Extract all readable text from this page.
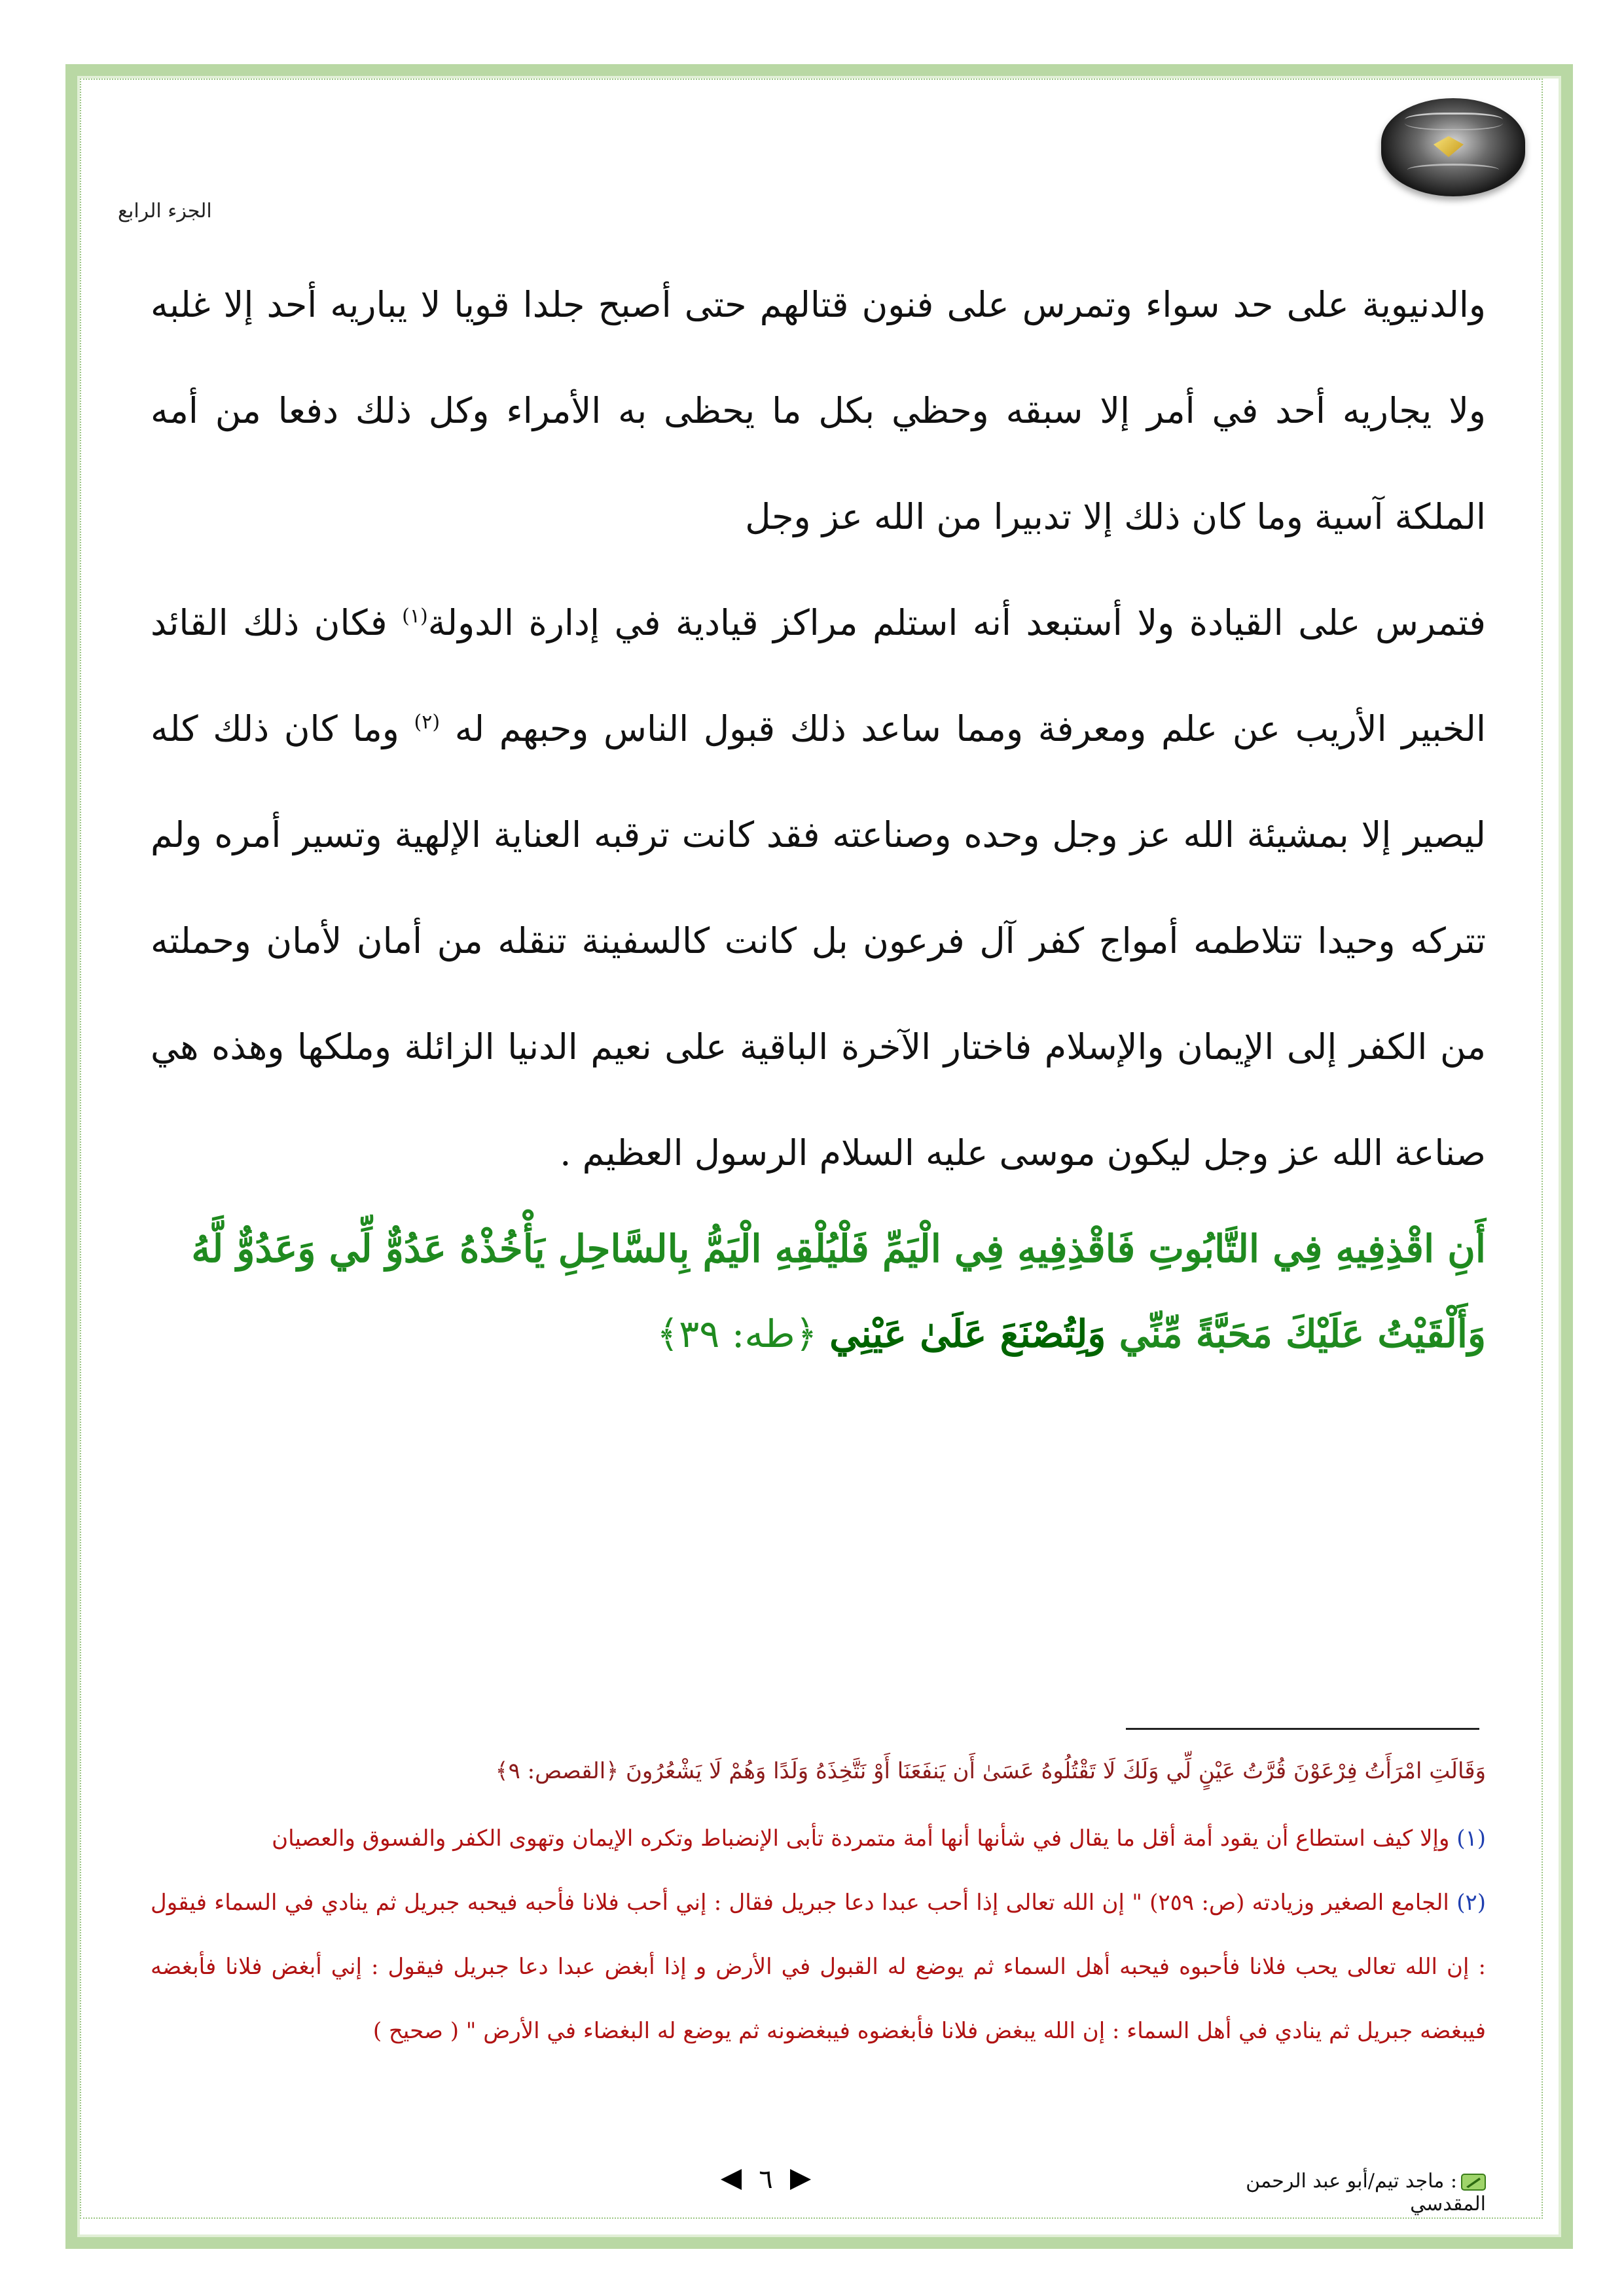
الجزء الرابع

والدنيوية على حد سواء وتمرس على فنون قتالهم حتى أصبح جلدا قويا لا يباريه أحد إلا غلبه ولا يجاريه أحد في أمر إلا سبقه وحظي بكل ما يحظى به الأمراء وكل ذلك دفعا من أمه الملكة آسية وما كان ذلك إلا تدبيرا من الله عز وجل

فتمرس على القيادة ولا أستبعد أنه استلم مراكز قيادية في إدارة الدولة$^{(١)}$ فكان ذلك القائد الخبير الأريب عن علم ومعرفة ومما ساعد ذلك قبول الناس وحبهم له $^{(٢)}$ وما كان ذلك كله ليصير إلا بمشيئة الله عز وجل وحده وصناعته فقد كانت ترقبه العناية الإلهية وتسير أمره ولم تتركه وحيدا تتلاطمه أمواج كفر آل فرعون بل كانت كالسفينة تنقله من أمان لأمان وحملته من الكفر إلى الإيمان والإسلام فاختار الآخرة الباقية على نعيم الدنيا الزائلة وملكها وهذه هي صناعة الله عز وجل ليكون موسى عليه السلام الرسول العظيم .

أَنِ اقْذِفِيهِ فِي التَّابُوتِ فَاقْذِفِيهِ فِي الْيَمِّ فَلْيُلْقِهِ الْيَمُّ بِالسَّاحِلِ يَأْخُذْهُ عَدُوٌّ لِّي وَعَدُوٌّ لَّهُ وَأَلْقَيْتُ عَلَيْكَ مَحَبَّةً مِّنِّي وَلِتُصْنَعَ عَلَىٰ عَيْنِي ﴿طه: ٣٩﴾

وَقَالَتِ امْرَأَتُ فِرْعَوْنَ قُرَّتُ عَيْنٍ لِّي وَلَكَ لَا تَقْتُلُوهُ عَسَىٰ أَن يَنفَعَنَا أَوْ نَتَّخِذَهُ وَلَدًا وَهُمْ لَا يَشْعُرُونَ ﴿القصص: ٩﴾

(١) وإلا كيف استطاع أن يقود أمة أقل ما يقال في شأنها أنها أمة متمردة تأبى الإنضباط وتكره الإيمان وتهوى الكفر والفسوق والعصيان

(٢) الجامع الصغير وزيادته (ص: ٢٥٩) " إن الله تعالى إذا أحب عبدا دعا جبريل فقال : إني أحب فلانا فأحبه فيحبه جبريل ثم ينادي في السماء فيقول : إن الله تعالى يحب فلانا فأحبوه فيحبه أهل السماء ثم يوضع له القبول في الأرض و إذا أبغض عبدا دعا جبريل فيقول : إني أبغض فلانا فأبغضه فيبغضه جبريل ثم ينادي في أهل السماء : إن الله يبغض فلانا فأبغضوه فيبغضونه ثم يوضع له البغضاء في الأرض " ( صحيح )

: ماجد تيم/أبو عبد الرحمن المقدسي
٦
